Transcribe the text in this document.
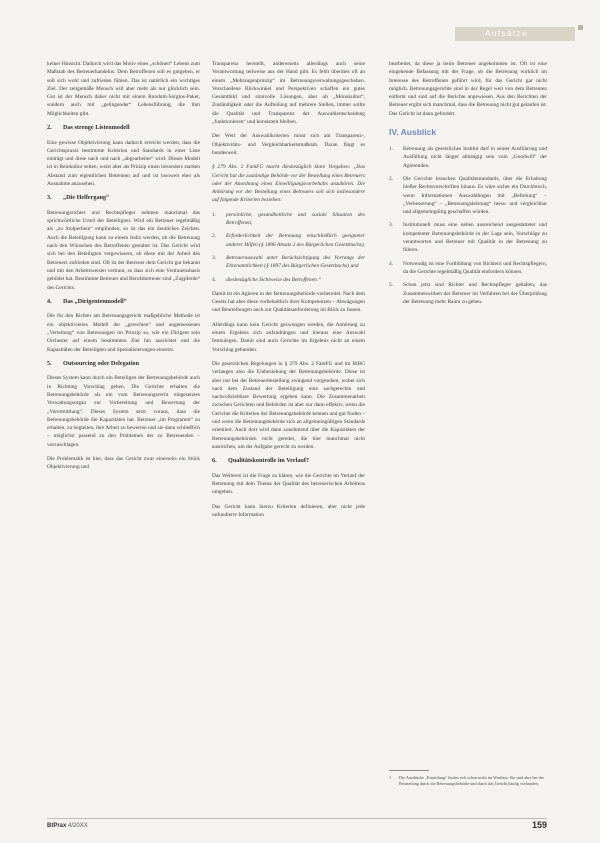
Aufsätze

keiner Hinsicht. Dadurch wird das Motiv eines „schönen“ Lebens zum Maßstab des Betreuerhandelns. Dem Betroffenen soll es gutgehen, er soll sich wohl und zufrieden fühlen. Das ist natürlich ein wichtiges Ziel. Der zeitgemäße Mensch will aber mehr als nur glücklich sein. Gut ist der Mensch daher nicht mit einem Rundum-Sorglos-Paket, sondern auch mit „gelingender“ Lebensführung, die ihm Möglichkeiten gibt.

2.	Das strenge Listenmodell

Eine gewisse Objektivierung kann dadurch erreicht werden, dass die Gerichtspraxis bestimmte Kriterien und Standards in einer Liste einträgt und diese nach und nach „abgearbeitet“ wird. Dieses Modell ist in Reinkultur selten, weist aber als Prinzip einen besonders starken Abstand zum eigentlichen Betreuten auf und ist insoweit eher als Ausnahme anzusehen.

3.	„Die Helfergang“

Betreuungsrichter und Rechtspfleger nehmen manchmal das sprichwörtliche Urteil der Beteiligten: Wird ein Betreuer regelmäßig als „zu Stolperbein“ empfunden, so ist das ein deutliches Zeichen. Auch die Beteiligung kann zu einem Indiz werden, ob die Betreuung nach den Wünschen des Betroffenen gestaltet ist. Das Gericht wird sich bei den Beteiligten vergewissern, ob diese mit der Arbeit des Betreuers zufrieden sind. Oft ist der Betreuer dem Gericht gut bekannt und mit den Arbeitsweisen vertraut, so dass sich eine Vertrauensbasis gebildet hat. Bestimmte Betreuer und Berufsbetreuer sind „Zugpferde“ des Gerichts.

4.	Das „Dirigentenmodell“

Die für den Richter am Betreuungsgericht maßgebliche Methode ist ein objektiviertes Modell der „gerechten“ und angemessenen „Verteilung“ von Betreuungen im Prinzip so, wie ein Dirigent sein Orchester auf einem bestimmten Ziel hin ausrichtet und die Kapazitäten der Beteiligten und Spezialisierungen einsetzt.

5.	Outsourcing oder Delegation

Dieses System kann durch ein Beteiligen der Betreuungsbehörde auch in Richtung Vorschlag gehen. Die Gerichte erhalten die Betreuungsbehörde als ein vom Betreuungsrecht eingesetztes Verwaltungsorgan zur Vorbereitung und Bewertung der „Vorermittlung“. Dieses System setzt voraus, dass die Betreuungsbehörde die Kapazitäten hat. Betreuer „im Programm“ zu erhalten, zu begleiten, ihre Arbeit zu bewerten und sie dann schließlich – möglichst passend zu den Problemen der zu Betreuenden – vorzuschlagen.

Die Problematik ist hier, dass das Gericht zwar einerseits ein Stück Objektivierung und

Transparenz herstellt, andererseits allerdings auch seine Verantwortung teilweise aus der Hand gibt. Es fehlt überdies oft an einem „Mehraugenprinzip“ im Betreuungsverwaltungsgeschehen. Verschiedene Blickwinkel und Perspektiven schaffen ein gutes Gesamtbild und sinnvolle Lösungen, aber ob „Monokultur“, Zuständigkeit oder die Aufteilung auf mehrere Stellen, immer sollte die Qualität und Transparenz der Auswahlentscheidung „funktionieren“ und konsistent bleiben.

Der Wert der Auswahlkriterien misst sich am Transparenz-, Objektivitäts- und Vergleichbarkeitsmaßstab. Daran fängt es bundesweit.

§ 279 Abs. 2 FamFG macht diesbezüglich klare Vorgaben: „Das Gericht hat die zuständige Behörde vor der Bestellung eines Betreuers oder der Anordnung eines Einwilligungsvorbehalts anzuhören. Die Anhörung vor der Bestellung eines Betreuers soll sich insbesondere auf folgende Kriterien beziehen:

1.	persönliche, gesundheitliche und soziale Situation des Betroffenen,
2.	Erforderlichkeit der Betreuung einschließlich geeigneter anderer Hilfen (§ 1896 Absatz 2 des Bürgerlichen Gesetzbuchs),
3.	Betreuerauswahl unter Berücksichtigung des Vorrangs der Ehrenamtlichkeit (§ 1897 des Bürgerlichen Gesetzbuchs) und
4.	diesbezügliche Sichtweise des Betroffenen.“

Damit ist ein Agieren in der Betreuungsbehörde vorbereitet. Nach dem Gesetz hat aber diese vorbehaltlich ihrer Kompetenzen – Abwägungen und Beurteilungen auch zur Qualitätsanforderung im Blick zu fassen.

Allerdings kann kein Gericht gezwungen werden, die Anhörung zu einem Ergebnis sich aufzudrängen und hieraus eine Auswahl festzulegen. Damit sind auch Gerichte im Ergebnis nicht an einem Vorschlag gebunden.

Die gesetzlichen Regelungen in § 279 Abs. 2 FamFG und im BtBG verlangen also die Einbeziehung der Betreuungsbehörde. Diese ist aber nur bei der Betreuerbestellung zwingend vorgesehen, wobei sich nach dem Zustand der Beteiligung eine sachgerechte und nachvollziehbare Bewertung ergeben kann. Die Zusammenarbeit zwischen Gerichten und Behörden ist aber nur dann effektiv, wenn die Gerichte die Kriterien der Betreuungsbehörde kennen und gut finden – und wenn die Betreuungsbehörde sich an allgemeingültigen Standards orientiert. Auch dort wird dann zunehmend über die Kapazitäten der Betreuungsbehörden nicht geredet, die hier manchmal nicht ausreichen, um der Aufgabe gerecht zu werden.

6.	Qualitätskontrolle im Verlauf?

Das Weiteren ist die Frage zu klären, wie die Gerichte im Verlauf der Betreuung mit dem Thema der Qualität des betreuerischen Arbeitens umgehen.

Das Gericht kann hierzu Kriterien definieren, aber nicht jede unfundierte Information

bearbeitet, da diese ja beim Betreuer angekommen ist. Oft ist eine eingehende Befassung mit der Frage, ob die Betreuung wirklich im Interesse des Betroffenen geführt wird, für das Gericht gar nicht möglich. Betreuungsgerichte sind in der Regel weit von dem Betreuten entfernt und sind auf die Berichte angewiesen. Aus den Berichten der Betreuer ergibt sich manchmal, dass die Betreuung nicht gut gelaufen ist. Das Gericht ist dann gefordert.

IV. Ausblick
1.	Betreuung als gesetzliches Institut darf in seiner Ausführung und Ausfüllung nicht länger abhängig sein vom „Goodwill“ der Agierenden.
2.	Die Gerichte brauchen Qualitätsstandards, über die Erhaltung bloßer Rechtsvorschriften hinaus. Es wäre sicher ein Durchbruch, wenn Informationen Auswahlbogen mit „Befreiung“ – „Verbesserung“ – „Betreuungsleistung“ mess- und vergleichbar und allgemeingültig geschaffen würden.
3.	Institutionell muss eine neben ausreichend ausgestatteter und kompetenter Betreuungsbehörde in der Lage sein, Vorschläge zu verantworten und Betreuer mit Qualität in der Betreuung zu führen.
4.	Notwendig ist eine Fortbildung von Richtern und Rechtspflegern, da die Gerichte regelmäßig Qualität einfordern können.
5.	Schon jetzt sind Richter und Rechtspfleger gehalten, das Zusammenwirken der Betreuer im Verfahren bei der Überprüfung der Betreuung mehr Raum zu geben.
1	Die Ausdrücke „Ermittlung“ finden sich schon nicht im Wortlaut. Sie sind aber bei der Beurteilung durch die Betreuungsbehörde und durch das Gericht häufig vorhanden.
BtPrax 4/20XX	159
